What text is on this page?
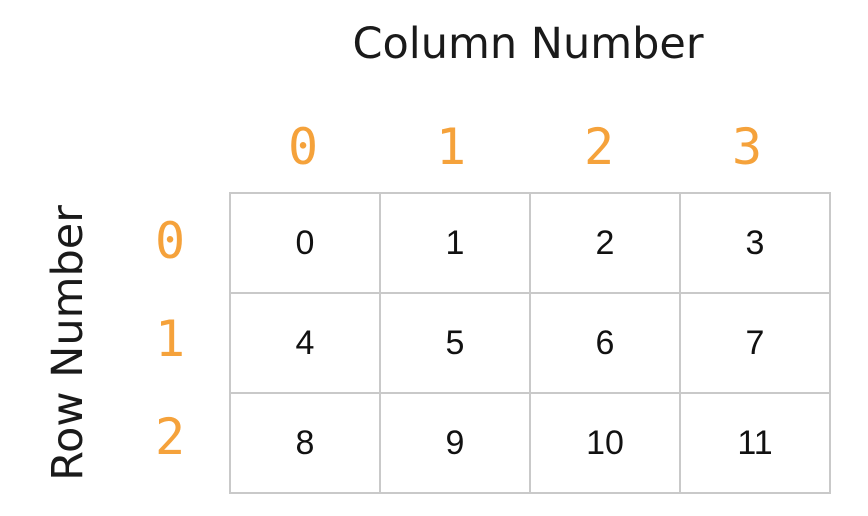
Column Number
Row Number
0	1	2	3
0
1
2
0	1	2	3
4	5	6	7
8	9	10	11
